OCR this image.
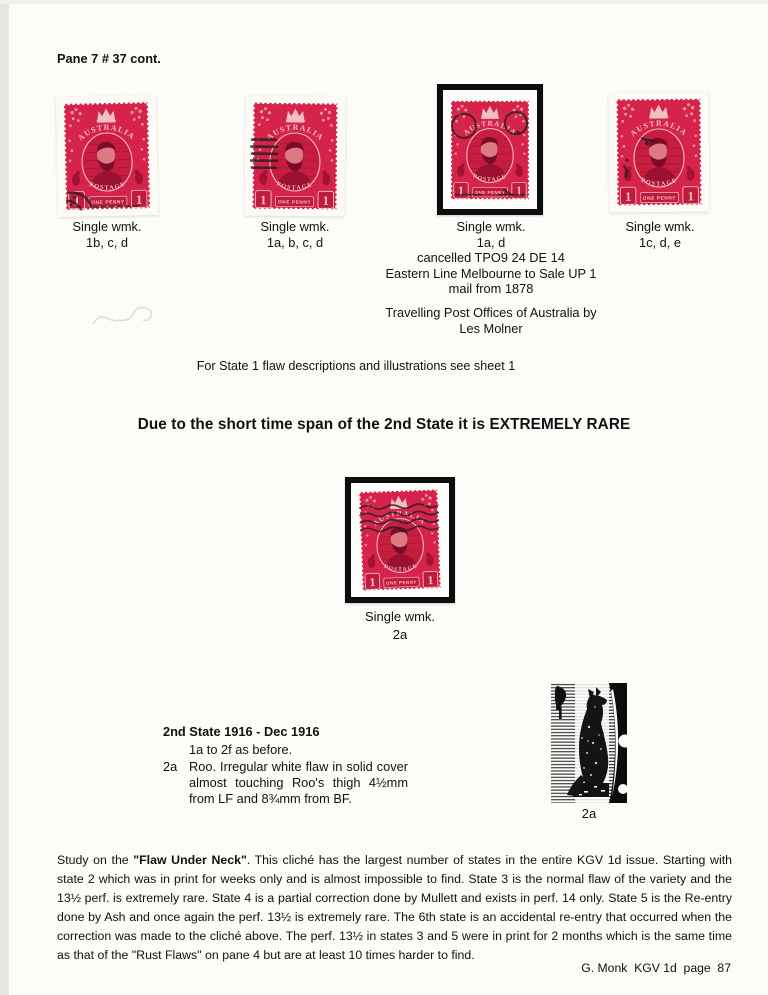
Pane 7 # 37 cont.
Single wmk.
1b, c, d
Single wmk.
1a, b, c, d
Single wmk.
1a, d
cancelled TPO9 24 DE 14
Eastern Line Melbourne to Sale UP 1
mail from 1878
Travelling Post Offices of Australia by
Les Molner
Single wmk.
1c, d, e
For State 1 flaw descriptions and illustrations see sheet 1
Due to the short time span of the 2nd State it is EXTREMELY RARE
Single wmk.
2a
2nd State 1916 - Dec 1916
1a to 2f as before.
2a Roo. Irregular white flaw in solid cover almost touching Roo's thigh 4½mm from LF and 8¾mm from BF.
2a

Study on the "Flaw Under Neck". This cliché has the largest number of states in the entire KGV 1d issue. Starting with state 2 which was in print for weeks only and is almost impossible to find. State 3 is the normal flaw of the variety and the 13½ perf. is extremely rare. State 4 is a partial correction done by Mullett and exists in perf. 14 only. State 5 is the Re-entry done by Ash and once again the perf. 13½ is extremely rare. The 6th state is an accidental re-entry that occurred when the correction was made to the cliché above. The perf. 13½ in states 3 and 5 were in print for 2 months which is the same time as that of the "Rust Flaws" on pane 4 but are at least 10 times harder to find.

G. Monk  KGV 1d  page  87
